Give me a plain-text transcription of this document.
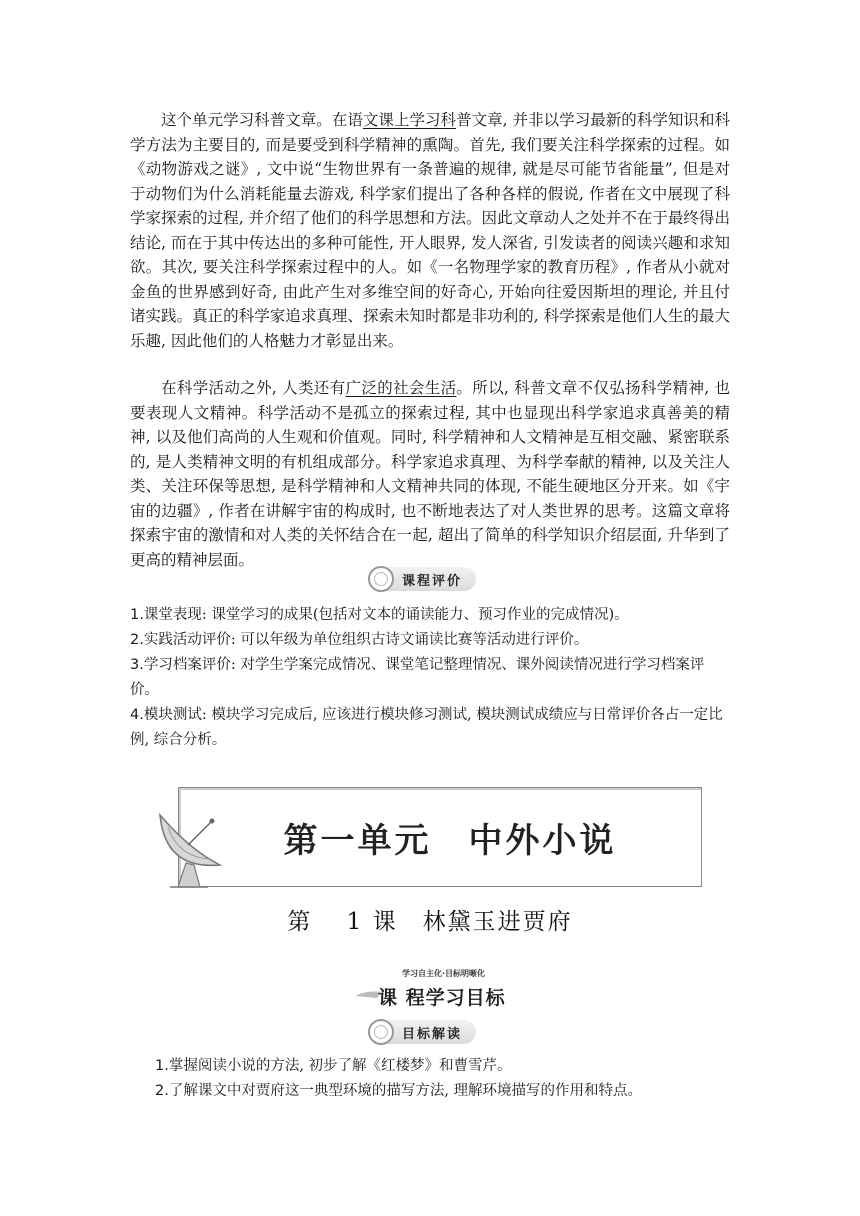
这个单元学习科普文章。在语文课上学习科普文章, 并非以学习最新的科学知识和科学方法为主要目的, 而是要受到科学精神的熏陶。首先, 我们要关注科学探索的过程。如《动物游戏之谜》, 文中说“生物世界有一条普遍的规律, 就是尽可能节省能量”, 但是对于动物们为什么消耗能量去游戏, 科学家们提出了各种各样的假说, 作者在文中展现了科学家探索的过程, 并介绍了他们的科学思想和方法。因此文章动人之处并不在于最终得出结论, 而在于其中传达出的多种可能性, 开人眼界, 发人深省, 引发读者的阅读兴趣和求知欲。其次, 要关注科学探索过程中的人。如《一名物理学家的教育历程》, 作者从小就对金鱼的世界感到好奇, 由此产生对多维空间的好奇心, 开始向往爱因斯坦的理论, 并且付诸实践。真正的科学家追求真理、探索未知时都是非功利的, 科学探索是他们人生的最大乐趣, 因此他们的人格魅力才彰显出来。

在科学活动之外, 人类还有广泛的社会生活。所以, 科普文章不仅弘扬科学精神, 也要表现人文精神。科学活动不是孤立的探索过程, 其中也显现出科学家追求真善美的精神, 以及他们高尚的人生观和价值观。同时, 科学精神和人文精神是互相交融、紧密联系的, 是人类精神文明的有机组成部分。科学家追求真理、为科学奉献的精神, 以及关注人类、关注环保等思想, 是科学精神和人文精神共同的体现, 不能生硬地区分开来。如《宇宙的边疆》, 作者在讲解宇宙的构成时, 也不断地表达了对人类世界的思考。这篇文章将探索宇宙的激情和对人类的关怀结合在一起, 超出了简单的科学知识介绍层面, 升华到了更高的精神层面。

课程评价
1.课堂表现: 课堂学习的成果(包括对文本的诵读能力、预习作业的完成情况)。
2.实践活动评价: 可以年级为单位组织古诗文诵读比赛等活动进行评价。
3.学习档案评价: 对学生学案完成情况、课堂笔记整理情况、课外阅读情况进行学习档案评价。
4.模块测试: 模块学习完成后, 应该进行模块修习测试, 模块测试成绩应与日常评价各占一定比例, 综合分析。
第一单元　中外小说
第　 1 课　林黛玉进贾府
学习自主化·目标明晰化
课 程学习目标
目标解读
1.掌握阅读小说的方法, 初步了解《红楼梦》和曹雪芹。
2.了解课文中对贾府这一典型环境的描写方法, 理解环境描写的作用和特点。
